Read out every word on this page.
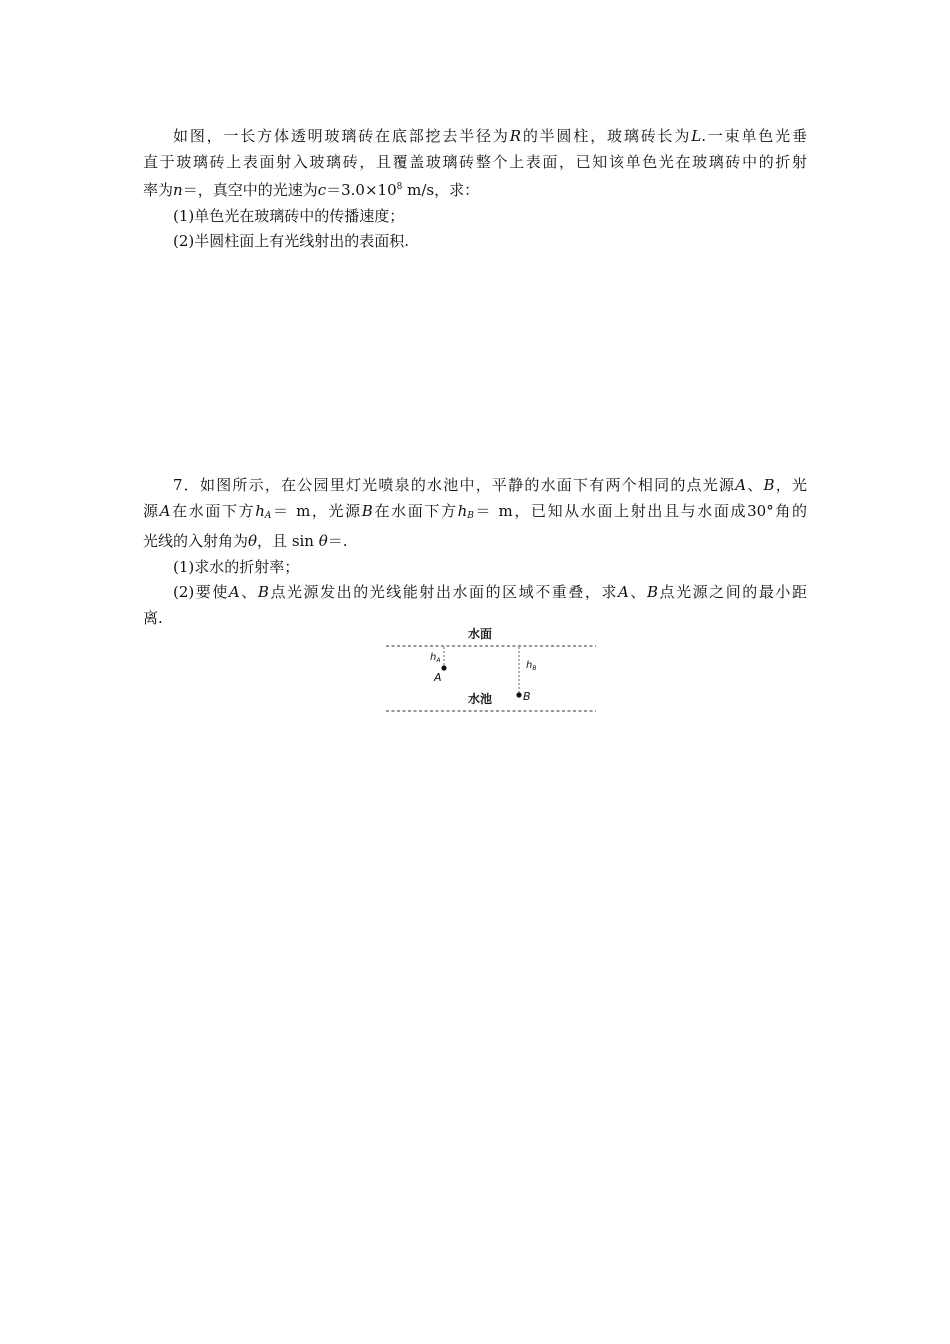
如图，一长方体透明玻璃砖在底部挖去半径为R的半圆柱，玻璃砖长为L.一束单色光垂

直于玻璃砖上表面射入玻璃砖，且覆盖玻璃砖整个上表面，已知该单色光在玻璃砖中的折射

率为n＝，真空中的光速为$c=3.0\times 10^8$ m/s，求：

(1)单色光在玻璃砖中的传播速度；

(2)半圆柱面上有光线射出的表面积.

7．如图所示，在公园里灯光喷泉的水池中，平静的水面下有两个相同的点光源A、B，光

源A在水面下方hA＝ m，光源B在水面下方hB＝ m，已知从水面上射出且与水面成30°角的

光线的入射角为θ，且 sin θ＝.

(1)求水的折射率；

(2)要使A、B点光源发出的光线能射出水面的区域不重叠，求A、B点光源之间的最小距

离.

水面
$h_A$
A
$h_B$
B
水池
